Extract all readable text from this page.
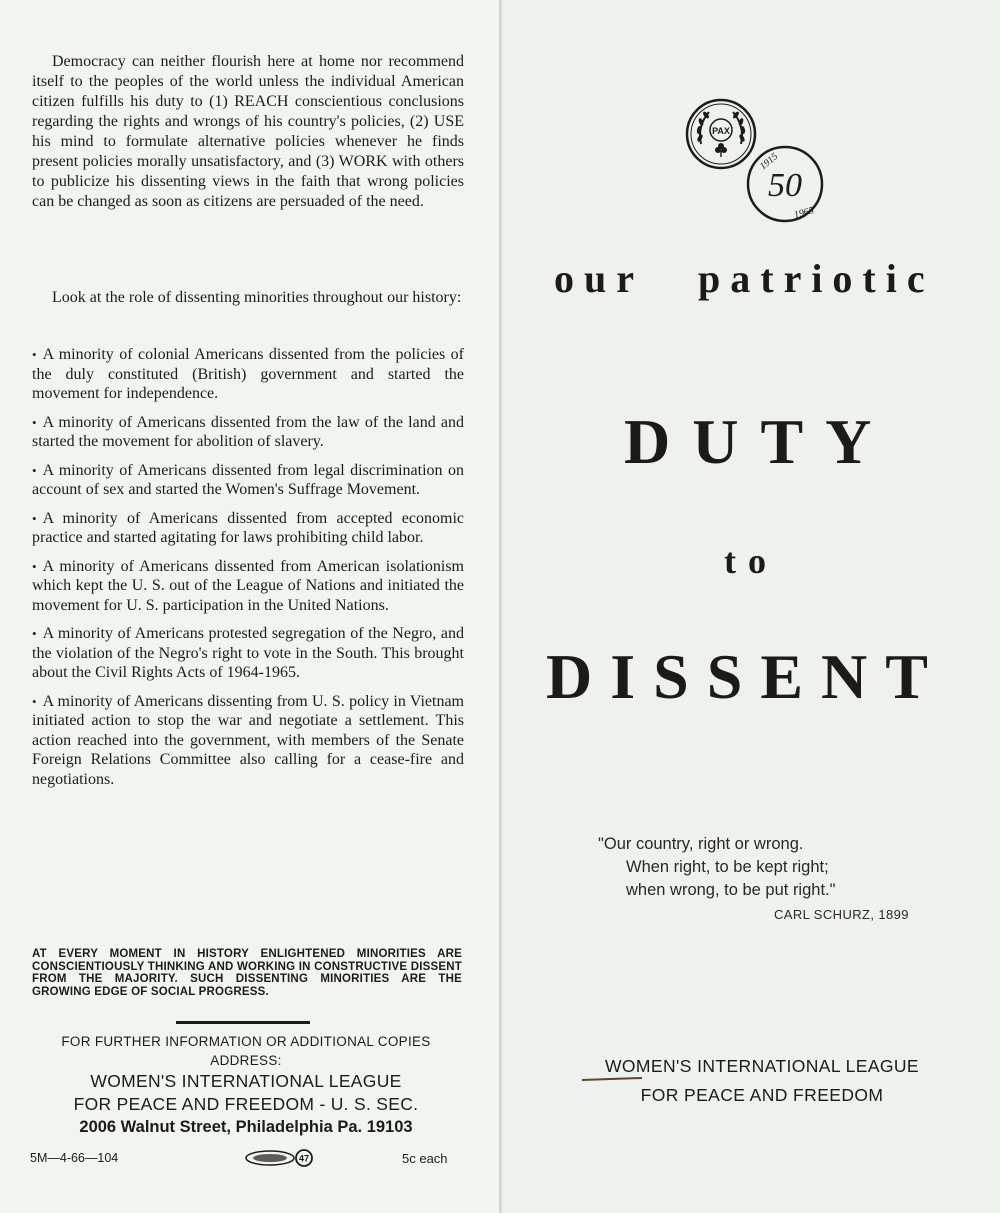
Democracy can neither flourish here at home nor recommend itself to the peoples of the world unless the individual American citizen fulfills his duty to (1) REACH conscientious conclusions regarding the rights and wrongs of his country's policies, (2) USE his mind to formulate alternative policies whenever he finds present policies morally unsatisfactory, and (3) WORK with others to publicize his dissenting views in the faith that wrong policies can be changed as soon as citizens are persuaded of the need.

Look at the role of dissenting minorities throughout our history:

• A minority of colonial Americans dissented from the policies of the duly constituted (British) government and started the movement for independence.
• A minority of Americans dissented from the law of the land and started the movement for abolition of slavery.
• A minority of Americans dissented from legal discrimination on account of sex and started the Women's Suffrage Movement.
• A minority of Americans dissented from accepted economic practice and started agitating for laws prohibiting child labor.
• A minority of Americans dissented from American isolationism which kept the U. S. out of the League of Nations and initiated the movement for U. S. participation in the United Nations.
• A minority of Americans protested segregation of the Negro, and the violation of the Negro's right to vote in the South. This brought about the Civil Rights Acts of 1964-1965.
• A minority of Americans dissenting from U. S. policy in Vietnam initiated action to stop the war and negotiate a settlement. This action reached into the government, with members of the Senate Foreign Relations Committee also calling for a cease-fire and negotiations.

AT EVERY MOMENT IN HISTORY ENLIGHTENED MINORITIES ARE CONSCIENTIOUSLY THINKING AND WORKING IN CONSTRUCTIVE DISSENT FROM THE MAJORITY. SUCH DISSENTING MINORITIES ARE THE GROWING EDGE OF SOCIAL PROGRESS.

FOR FURTHER INFORMATION OR ADDITIONAL COPIES
ADDRESS:
WOMEN'S INTERNATIONAL LEAGUE
FOR PEACE AND FREEDOM - U. S. SEC.
2006 Walnut Street, Philadelphia Pa. 19103
5M—4-66—104	47	5c each
PAX
50
1915
1965
our	patriotic
DUTY
to
DISSENT
"Our country, right or wrong.
When right, to be kept right;
when wrong, to be put right."
CARL SCHURZ, 1899
WOMEN'S INTERNATIONAL LEAGUE
FOR PEACE AND FREEDOM
